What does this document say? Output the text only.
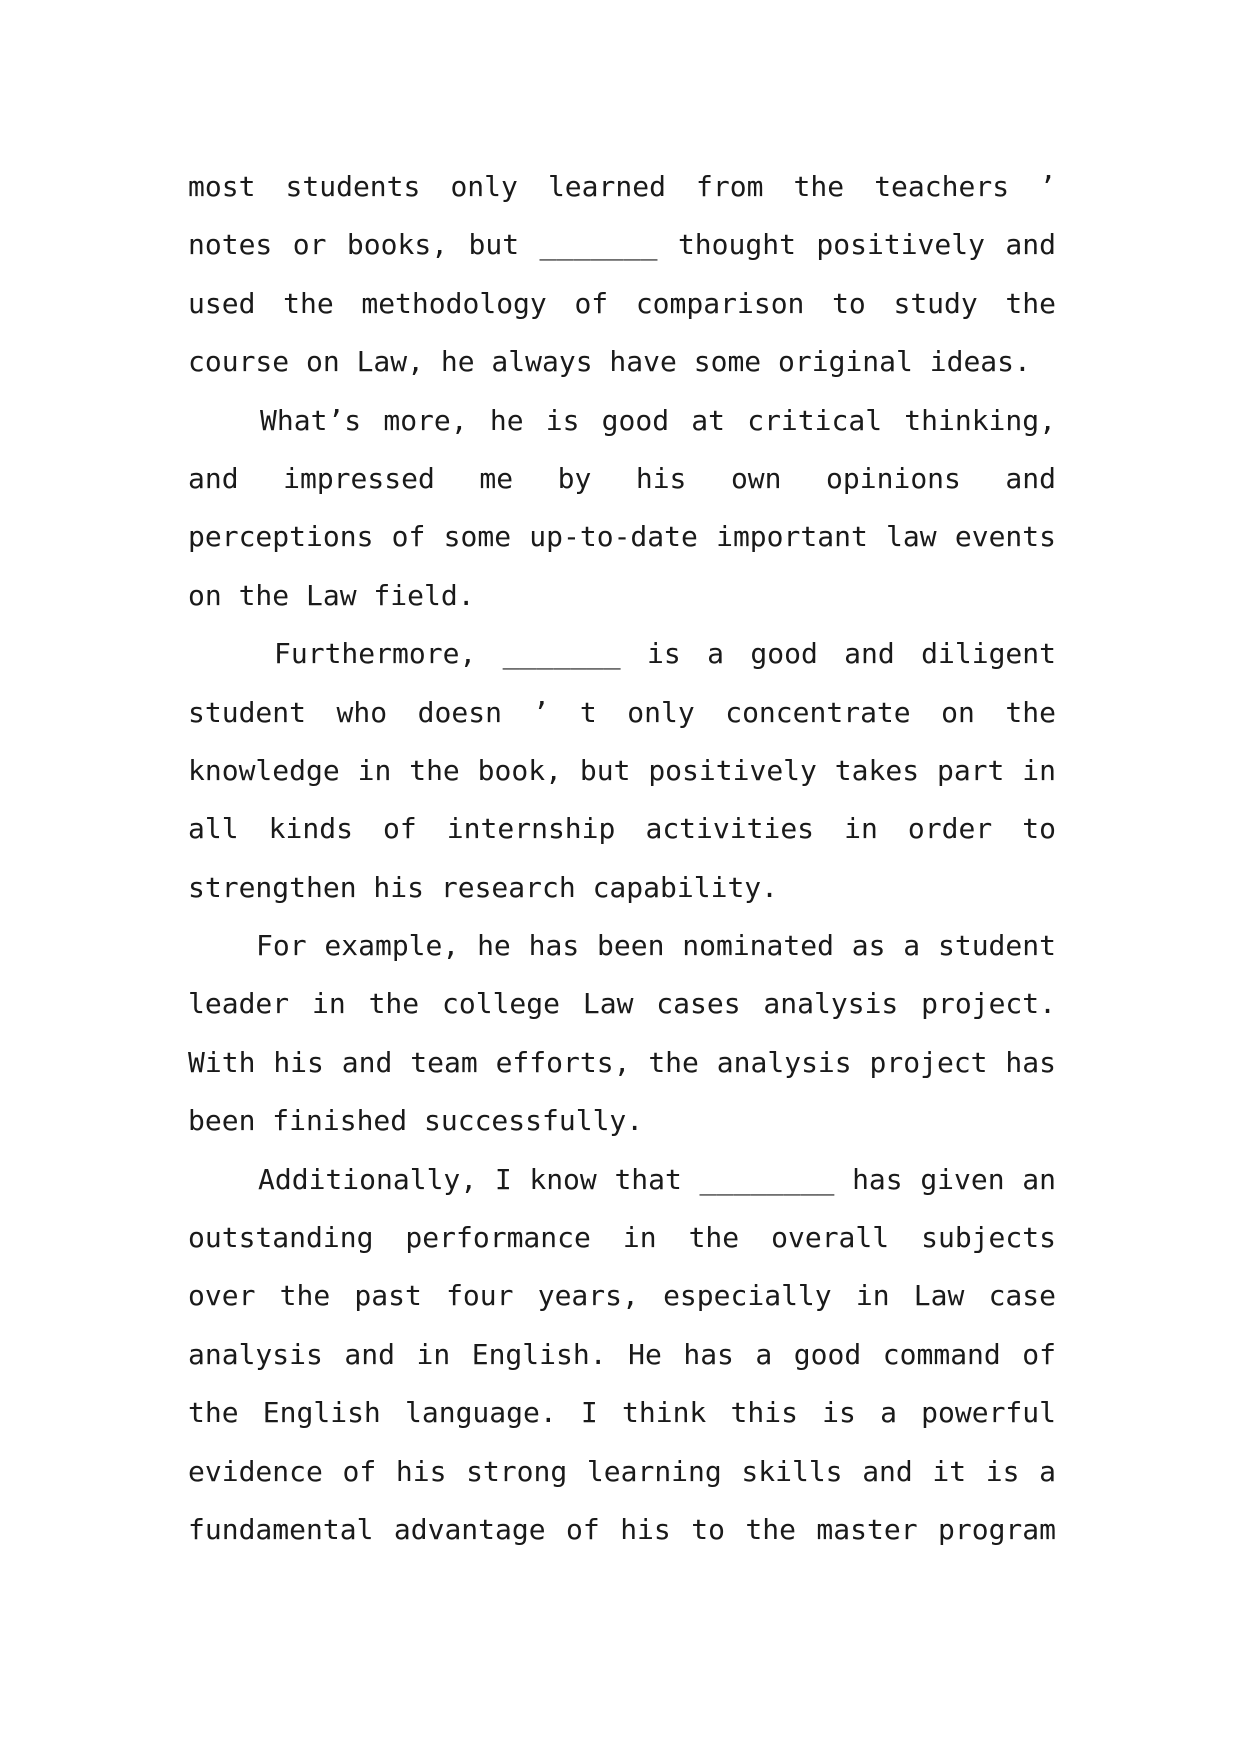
most students only learned from the teachers ’
notes or books, but _______ thought positively and
used the methodology of comparison to study the
course on Law, he always have some original ideas.
What’s more, he is good at critical thinking,
and impressed me by his own opinions and
perceptions of some up-to-date important law events
on the Law field.
Furthermore, _______ is a good and diligent
student who doesn ’ t only concentrate on the
knowledge in the book, but positively takes part in
all kinds of internship activities in order to
strengthen his research capability.
For example, he has been nominated as a student
leader in the college Law cases analysis project.
With his and team efforts, the analysis project has
been finished successfully.
Additionally, I know that ________ has given an
outstanding performance in the overall subjects
over the past four years, especially in Law case
analysis and in English. He has a good command of
the English language. I think this is a powerful
evidence of his strong learning skills and it is a
fundamental advantage of his to the master program
